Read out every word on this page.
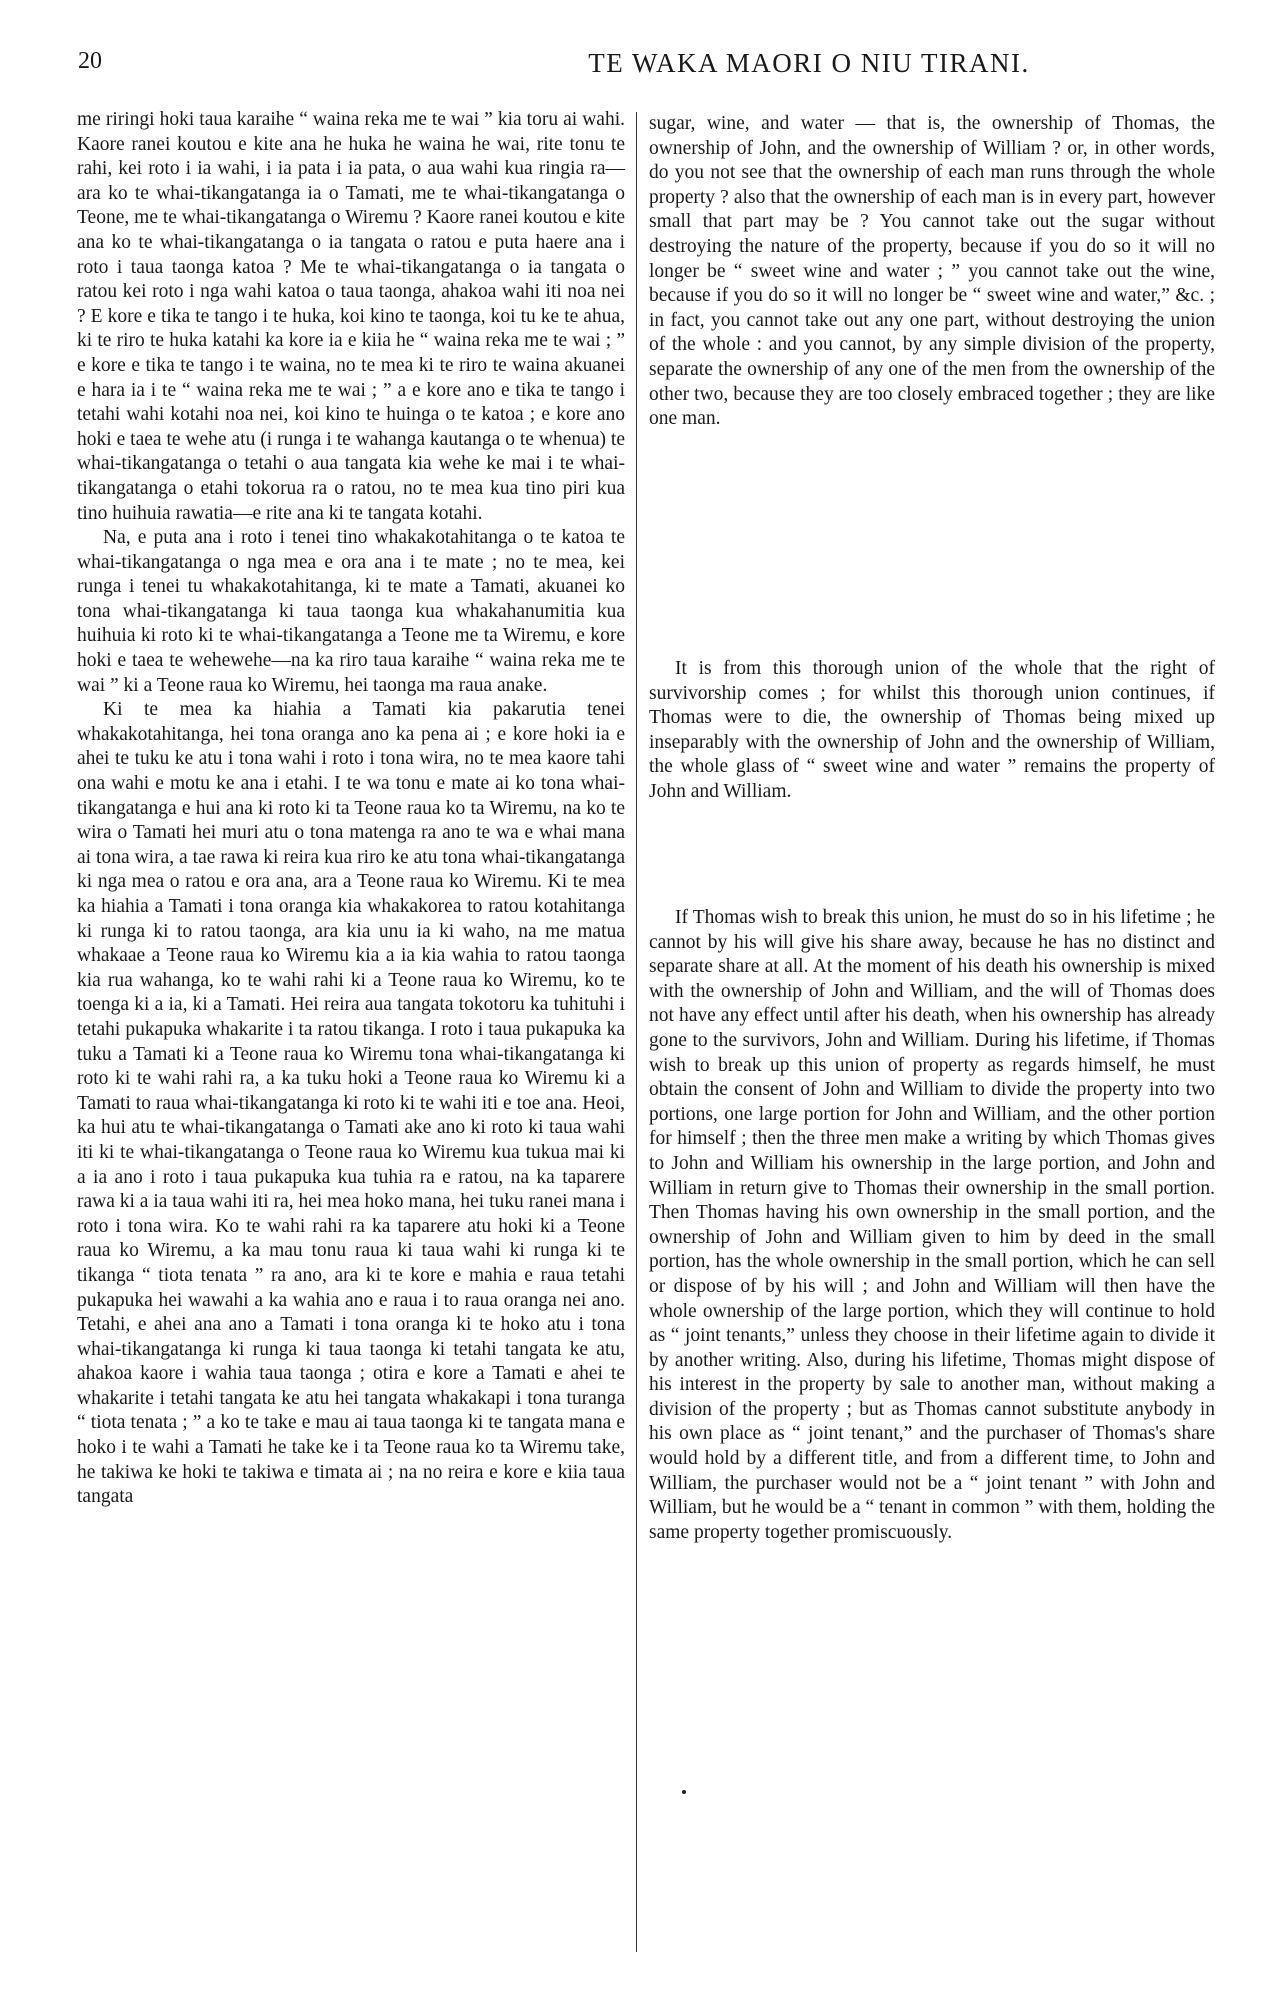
20	TE WAKA MAORI O NIU TIRANI.

me riringi hoki taua karaihe “ waina reka me te wai ” kia toru ai wahi. Kaore ranei koutou e kite ana he huka he waina he wai, rite tonu te rahi, kei roto i ia wahi, i ia pata i ia pata, o aua wahi kua ringia ra— ara ko te whai-tikangatanga ia o Tamati, me te whai-tikangatanga o Teone, me te whai-tikangatanga o Wiremu ? Kaore ranei koutou e kite ana ko te whai-tikangatanga o ia tangata o ratou e puta haere ana i roto i taua taonga katoa ? Me te whai-tikangatanga o ia tangata o ratou kei roto i nga wahi katoa o taua taonga, ahakoa wahi iti noa nei ? E kore e tika te tango i te huka, koi kino te taonga, koi tu ke te ahua, ki te riro te huka katahi ka kore ia e kiia he “ waina reka me te wai ; ” e kore e tika te tango i te waina, no te mea ki te riro te waina akuanei e hara ia i te “ waina reka me te wai ; ” a e kore ano e tika te tango i tetahi wahi kotahi noa nei, koi kino te huinga o te katoa ; e kore ano hoki e taea te wehe atu (i runga i te wahanga kautanga o te whenua) te whai-tikangatanga o tetahi o aua tangata kia wehe ke mai i te whai-tikangatanga o etahi tokorua ra o ratou, no te mea kua tino piri kua tino huihuia rawatia—e rite ana ki te tangata kotahi.

Na, e puta ana i roto i tenei tino whakakotahitanga o te katoa te whai-tikangatanga o nga mea e ora ana i te mate ; no te mea, kei runga i tenei tu whakakotahitanga, ki te mate a Tamati, akuanei ko tona whai-tikangatanga ki taua taonga kua whakahanumitia kua huihuia ki roto ki te whai-tikangatanga a Teone me ta Wiremu, e kore hoki e taea te wehewehe—na ka riro taua karaihe “ waina reka me te wai ” ki a Teone raua ko Wiremu, hei taonga ma raua anake.

Ki te mea ka hiahia a Tamati kia pakarutia tenei whakakotahitanga, hei tona oranga ano ka pena ai ; e kore hoki ia e ahei te tuku ke atu i tona wahi i roto i tona wira, no te mea kaore tahi ona wahi e motu ke ana i etahi. I te wa tonu e mate ai ko tona whai-tikangatanga e hui ana ki roto ki ta Teone raua ko ta Wiremu, na ko te wira o Tamati hei muri atu o tona matenga ra ano te wa e whai mana ai tona wira, a tae rawa ki reira kua riro ke atu tona whai-tikangatanga ki nga mea o ratou e ora ana, ara a Teone raua ko Wiremu. Ki te mea ka hiahia a Tamati i tona oranga kia whakakorea to ratou kotahitanga ki runga ki to ratou taonga, ara kia unu ia ki waho, na me matua whakaae a Teone raua ko Wiremu kia a ia kia wahia to ratou taonga kia rua wahanga, ko te wahi rahi ki a Teone raua ko Wiremu, ko te toenga ki a ia, ki a Tamati. Hei reira aua tangata tokotoru ka tuhituhi i tetahi pukapuka whakarite i ta ratou tikanga. I roto i taua pukapuka ka tuku a Tamati ki a Teone raua ko Wiremu tona whai-tikangatanga ki roto ki te wahi rahi ra, a ka tuku hoki a Teone raua ko Wiremu ki a Tamati to raua whai-tikangatanga ki roto ki te wahi iti e toe ana. Heoi, ka hui atu te whai-tikangatanga o Tamati ake ano ki roto ki taua wahi iti ki te whai-tikangatanga o Teone raua ko Wiremu kua tukua mai ki a ia ano i roto i taua pukapuka kua tuhia ra e ratou, na ka taparere rawa ki a ia taua wahi iti ra, hei mea hoko mana, hei tuku ranei mana i roto i tona wira. Ko te wahi rahi ra ka taparere atu hoki ki a Teone raua ko Wiremu, a ka mau tonu raua ki taua wahi ki runga ki te tikanga “ tiota tenata ” ra ano, ara ki te kore e mahia e raua tetahi pukapuka hei wawahi a ka wahia ano e raua i to raua oranga nei ano. Tetahi, e ahei ana ano a Tamati i tona oranga ki te hoko atu i tona whai-tikangatanga ki runga ki taua taonga ki tetahi tangata ke atu, ahakoa kaore i wahia taua taonga ; otira e kore a Tamati e ahei te whakarite i tetahi tangata ke atu hei tangata whakakapi i tona turanga “ tiota tenata ; ” a ko te take e mau ai taua taonga ki te tangata mana e hoko i te wahi a Tamati he take ke i ta Teone raua ko ta Wiremu take, he takiwa ke hoki te takiwa e timata ai ; na no reira e kore e kiia taua tangata

sugar, wine, and water — that is, the ownership of Thomas, the ownership of John, and the ownership of William ? or, in other words, do you not see that the ownership of each man runs through the whole property ? also that the ownership of each man is in every part, however small that part may be ? You cannot take out the sugar without destroying the nature of the property, because if you do so it will no longer be “ sweet wine and water ; ” you cannot take out the wine, because if you do so it will no longer be “ sweet wine and water,” &c. ; in fact, you cannot take out any one part, without destroying the union of the whole : and you cannot, by any simple division of the property, separate the ownership of any one of the men from the ownership of the other two, because they are too closely embraced together ; they are like one man.
It is from this thorough union of the whole that the right of survivorship comes ; for whilst this thorough union continues, if Thomas were to die, the ownership of Thomas being mixed up inseparably with the ownership of John and the ownership of William, the whole glass of “ sweet wine and water ” remains the property of John and William.
If Thomas wish to break this union, he must do so in his lifetime ; he cannot by his will give his share away, because he has no distinct and separate share at all. At the moment of his death his ownership is mixed with the ownership of John and William, and the will of Thomas does not have any effect until after his death, when his ownership has already gone to the survivors, John and William. During his lifetime, if Thomas wish to break up this union of property as regards himself, he must obtain the consent of John and William to divide the property into two portions, one large portion for John and William, and the other portion for himself ; then the three men make a writing by which Thomas gives to John and William his ownership in the large portion, and John and William in return give to Thomas their ownership in the small portion. Then Thomas having his own ownership in the small portion, and the ownership of John and William given to him by deed in the small portion, has the whole ownership in the small portion, which he can sell or dispose of by his will ; and John and William will then have the whole ownership of the large portion, which they will continue to hold as “ joint tenants,” unless they choose in their lifetime again to divide it by another writing. Also, during his lifetime, Thomas might dispose of his interest in the property by sale to another man, without making a division of the property ; but as Thomas cannot substitute anybody in his own place as “ joint tenant,” and the purchaser of Thomas's share would hold by a different title, and from a different time, to John and William, the purchaser would not be a “ joint tenant ” with John and William, but he would be a “ tenant in common ” with them, holding the same property together promiscuously.
